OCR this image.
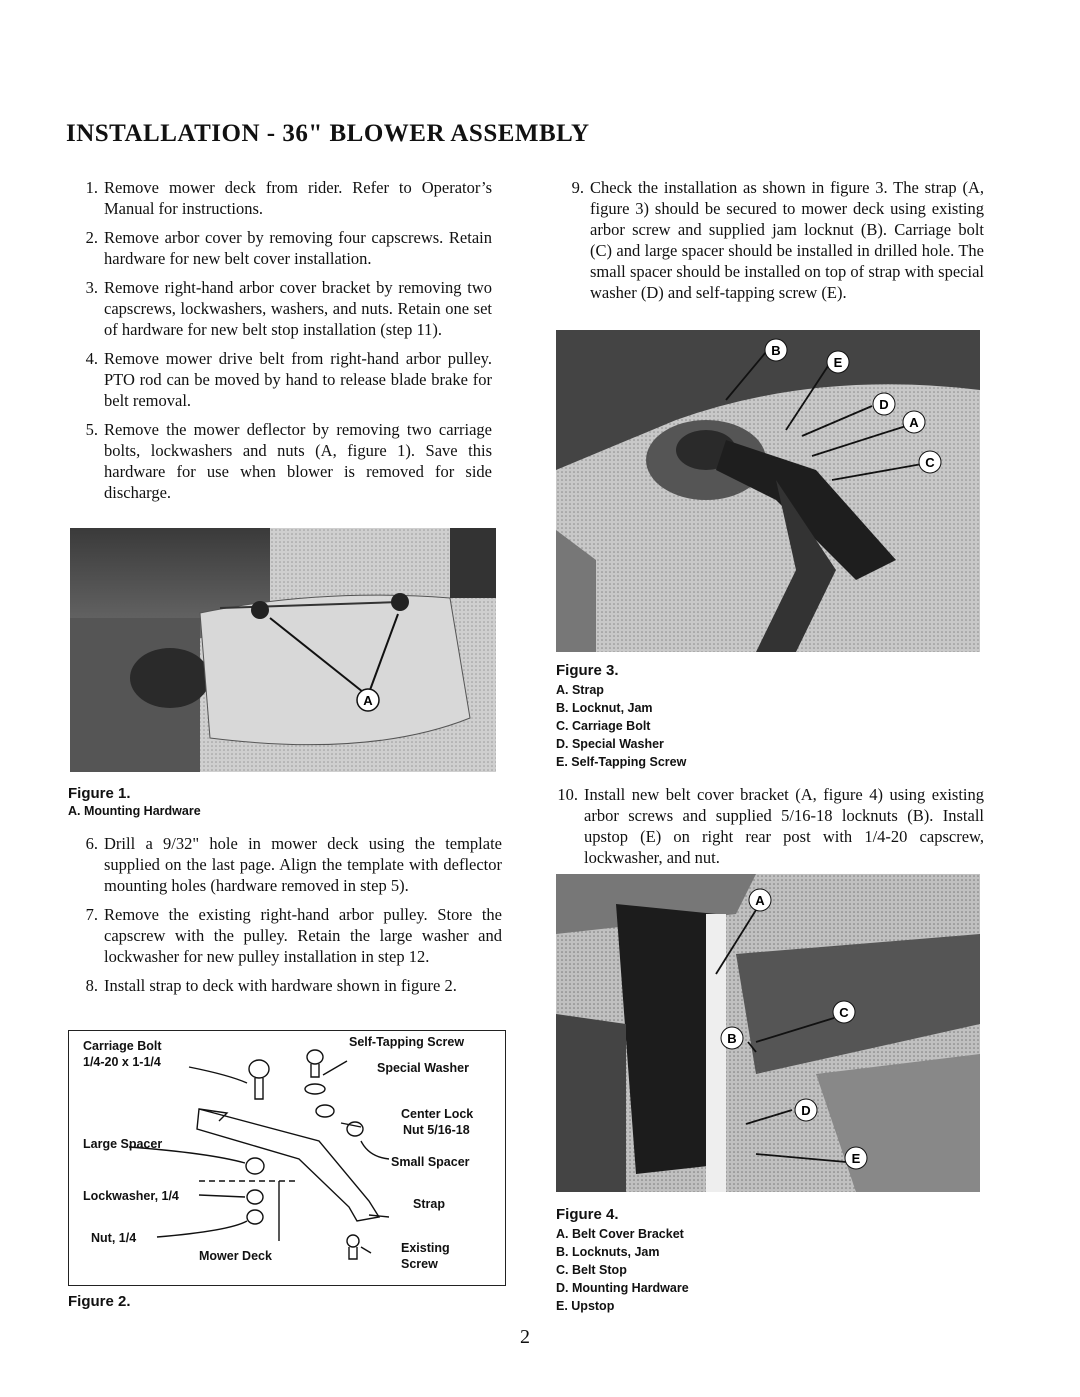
INSTALLATION - 36" BLOWER ASSEMBLY
1. Remove mower deck from rider. Refer to Operator’s Manual for instructions.
2. Remove arbor cover by removing four capscrews. Retain hardware for new belt cover installation.
3. Remove right-hand arbor cover bracket by removing two capscrews, lockwashers, washers, and nuts. Retain one set of hardware for new belt stop installation (step 11).
4. Remove mower drive belt from right-hand arbor pulley. PTO rod can be moved by hand to release blade brake for belt removal.
5. Remove the mower deflector by removing two carriage bolts, lockwashers and nuts (A, figure 1). Save this hardware for use when blower is removed for side discharge.
A
Figure 1.
A. Mounting Hardware
6. Drill a 9/32" hole in mower deck using the template supplied on the last page. Align the template with deflector mounting holes (hardware removed in step 5).
7. Remove the existing right-hand arbor pulley. Store the capscrew with the pulley. Retain the large washer and lockwasher for new pulley installation in step 12.
8. Install strap to deck with hardware shown in figure 2.
Carriage Bolt
1/4-20 x 1-1/4
Self-Tapping Screw
Special Washer
Center Lock
Nut 5/16-18
Large Spacer
Small Spacer
Lockwasher, 1/4
Strap
Nut, 1/4
Mower Deck
Existing
Screw
Figure 2.
9. Check the installation as shown in figure 3. The strap (A, figure 3) should be secured to mower deck using existing arbor screw and supplied jam locknut (B). Carriage bolt (C) and large spacer should be installed in drilled hole. The small spacer should be installed on top of strap with special washer (D) and self-tapping screw (E).
B
E
D
A
C
Figure 3.
A. Strap
B. Locknut, Jam
C. Carriage Bolt
D. Special Washer
E. Self-Tapping Screw
10. Install new belt cover bracket (A, figure 4) using existing arbor screws and supplied 5/16-18 locknuts (B). Install upstop (E) on right rear post with 1/4-20 capscrew, lockwasher, and nut.
A
C
B
D
E
Figure 4.
A. Belt Cover Bracket
B. Locknuts, Jam
C. Belt Stop
D. Mounting Hardware
E. Upstop
2
